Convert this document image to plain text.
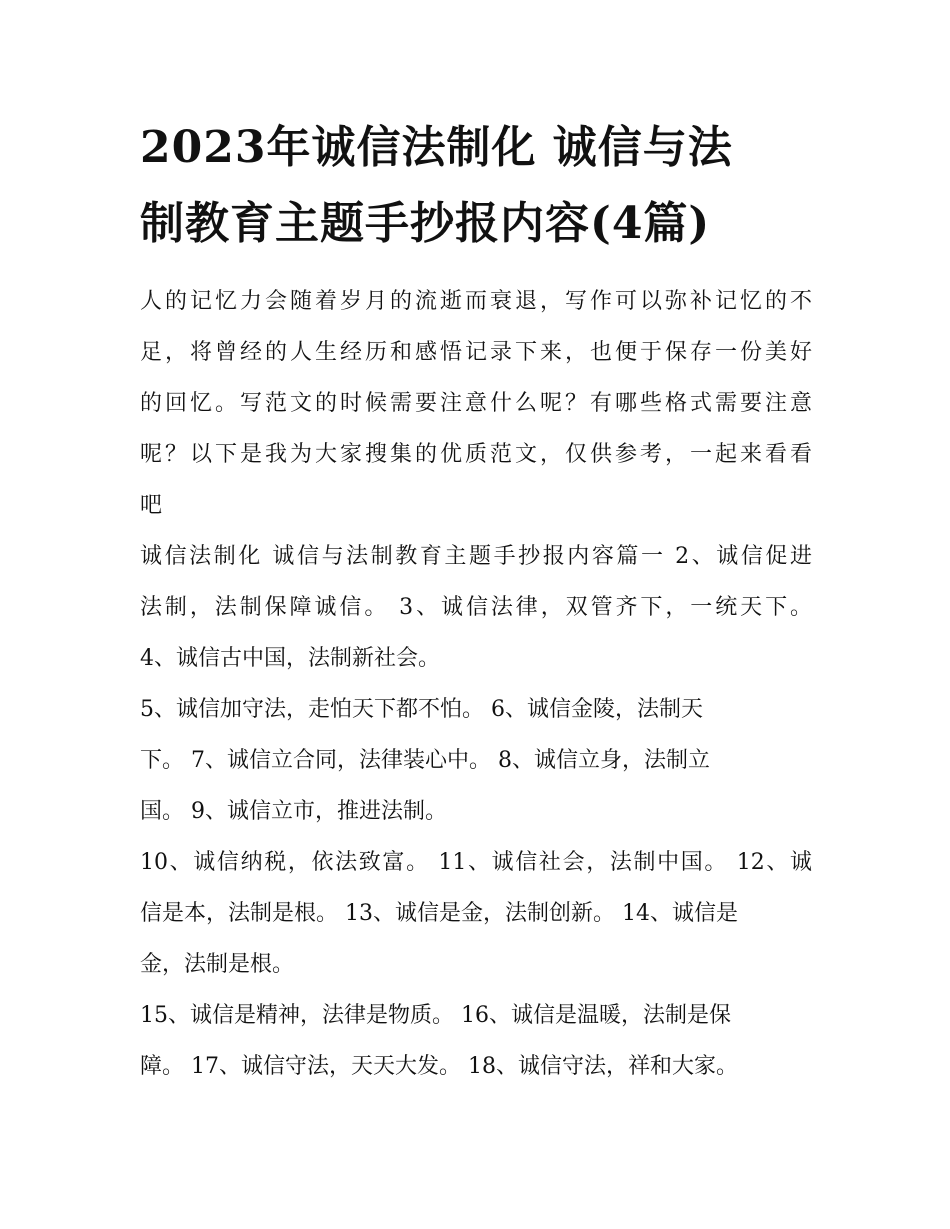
2023年诚信法制化 诚信与法
制教育主题手抄报内容(4篇)
人的记忆力会随着岁月的流逝而衰退，写作可以弥补记忆的不
足，将曾经的人生经历和感悟记录下来，也便于保存一份美好
的回忆。写范文的时候需要注意什么呢？有哪些格式需要注意
呢？以下是我为大家搜集的优质范文，仅供参考，一起来看看
吧
诚信法制化 诚信与法制教育主题手抄报内容篇一 2、诚信促进
法制，法制保障诚信。 3、诚信法律，双管齐下，一统天下。
4、诚信古中国，法制新社会。
5、诚信加守法，走怕天下都不怕。 6、诚信金陵，法制天
下。 7、诚信立合同，法律装心中。 8、诚信立身，法制立
国。 9、诚信立市，推进法制。
10、诚信纳税，依法致富。 11、诚信社会，法制中国。 12、诚
信是本，法制是根。 13、诚信是金，法制创新。 14、诚信是
金，法制是根。
15、诚信是精神，法律是物质。 16、诚信是温暖，法制是保
障。 17、诚信守法，天天大发。 18、诚信守法，祥和大家。
